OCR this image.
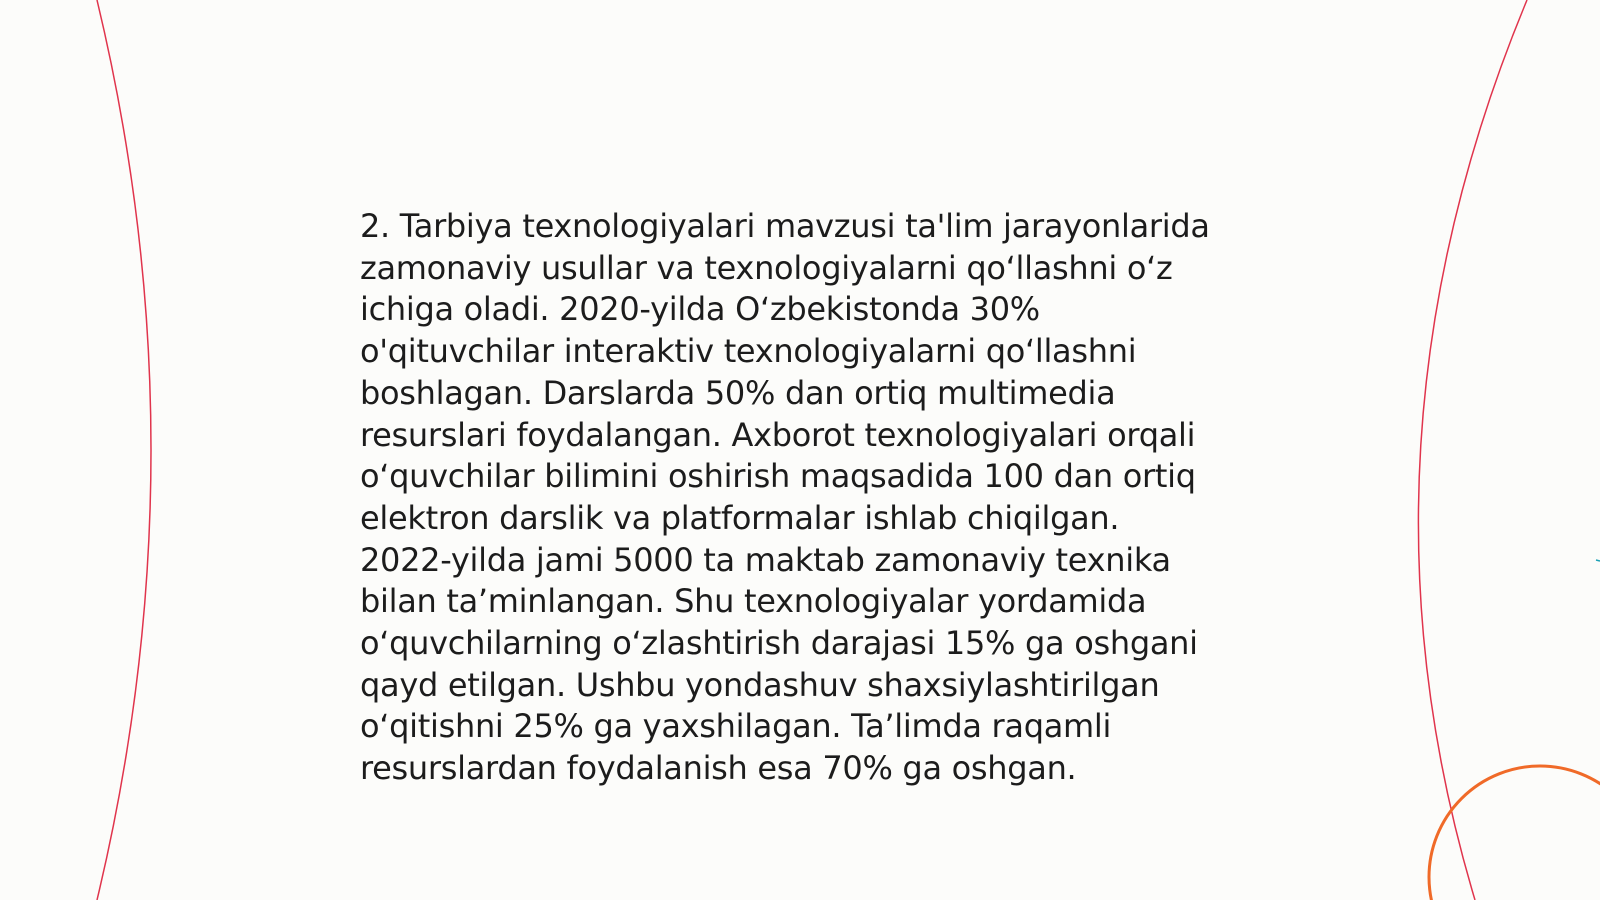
2. Tarbiya texnologiyalari mavzusi ta'lim jarayonlarida
zamonaviy usullar va texnologiyalarni qo‘llashni o‘z
ichiga oladi. 2020-yilda O‘zbekistonda 30%
o'qituvchilar interaktiv texnologiyalarni qo‘llashni
boshlagan. Darslarda 50% dan ortiq multimedia
resurslari foydalangan. Axborot texnologiyalari orqali
o‘quvchilar bilimini oshirish maqsadida 100 dan ortiq
elektron darslik va platformalar ishlab chiqilgan.
2022-yilda jami 5000 ta maktab zamonaviy texnika
bilan ta’minlangan. Shu texnologiyalar yordamida
o‘quvchilarning o‘zlashtirish darajasi 15% ga oshgani
qayd etilgan. Ushbu yondashuv shaxsiylashtirilgan
o‘qitishni 25% ga yaxshilagan. Ta’limda raqamli
resurslardan foydalanish esa 70% ga oshgan.
